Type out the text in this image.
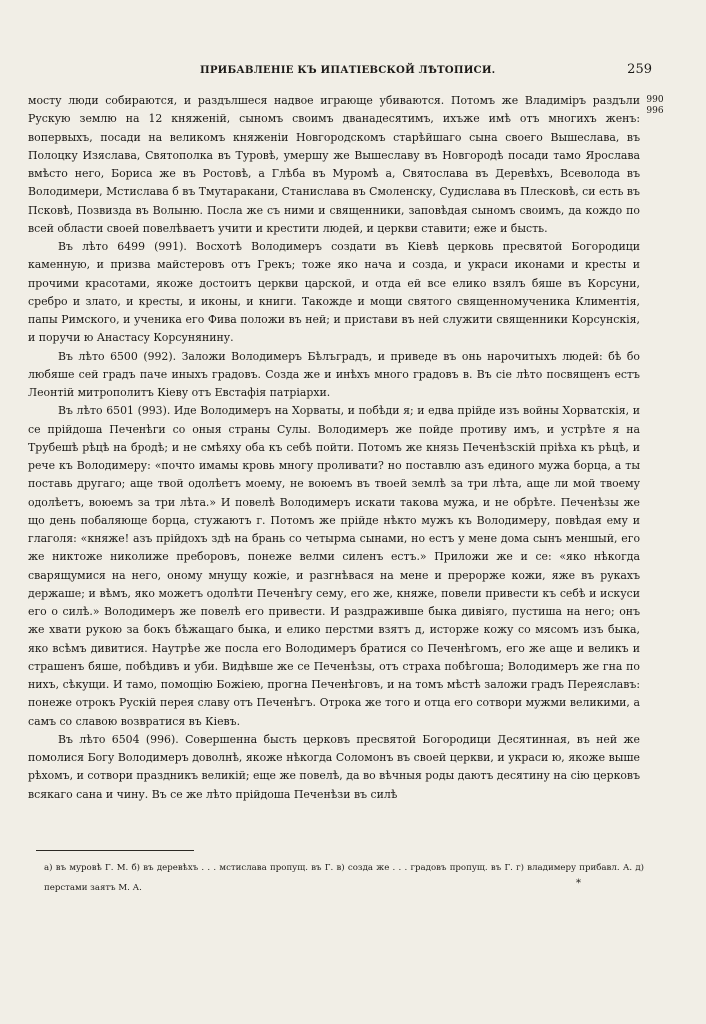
ПРИБАВЛЕНІЕ КЪ ИПАТІЕВСКОЙ ЛѢТОПИСИ.	259
990
996

мосту люди собираются, и раздълшеся надвое играюще убиваются. Потомъ же Владиміръ раздъли Рускую землю на 12 княженій, сыномъ своимъ дванадесятимъ, ихъже имѣ отъ многихъ женъ: вопервыхъ, посади на великомъ княженіи Новгородскомъ старѣйшаго сына своего Вышеслава, въ Полоцку Изяслава, Святополка въ Туровѣ, умершу же Вышеславу въ Новгородѣ посади тамо Ярослава вмѣсто него, Бориса же въ Ростовѣ, а Глѣба въ Муромѣ а, Святослава въ Деревѣхъ, Всеволода въ Володимери, Мстислава б въ Тмутаракани, Станислава въ Смоленску, Судислава въ Плесковѣ, си есть въ Псковѣ, Позвизда въ Волыню. Посла же съ ними и священники, заповѣдая сыномъ своимъ, да кождо по всей области своей повелѣваетъ учити и крестити людей, и церкви ставити; еже и бысть.

Въ лѣто 6499 (991). Восхотѣ Володимеръ создати въ Кіевѣ церковь пресвятой Богородици каменную, и призва майстеровъ отъ Грекъ; тоже яко нача и созда, и украси иконами и кресты и прочими красотами, якоже достоитъ церкви царской, и отда ей все елико взялъ бяше въ Корсуни, сребро и злато, и кресты, и иконы, и книги. Такожде и мощи святого священномученика Климентія, папы Римского, и ученика его Фива положи въ ней; и пристави въ ней служити священники Корсунскія, и поручи ю Анастасу Корсунянину.

Въ лѣто 6500 (992). Заложи Володимеръ Бѣлъградъ, и приведе въ онь нарочитыхъ людей: бѣ бо любяше сей градъ паче иныхъ градовъ. Созда же и инѣхъ много градовъ в. Въ сіе лѣто посвященъ естъ Леонтій митрополитъ Кіеву отъ Евстафія патріархи.

Въ лѣто 6501 (993). Иде Володимеръ на Хорваты, и побѣди я; и едва прійде изъ войны Хорватскія, и се прійдоша Печенѣги со оныя страны Сулы. Володимеръ же пойде противу имъ, и устрѣте я на Трубешѣ рѣцѣ на бродѣ; и не смѣяху оба къ себѣ пойти. Потомъ же князь Печенѣзскій пріѣха къ рѣцѣ, и рече къ Володимеру: «почто имамы кровь многу проливати? но поставлю азъ единого мужа борца, а ты поставь другаго; аще твой одолѣетъ моему, не воюемъ въ твоей землѣ за три лѣта, аще ли мой твоему одолѣетъ, воюемъ за три лѣта.» И повелѣ Володимеръ искати такова мужа, и не обрѣте. Печенѣзы же що день побаляюще борца, стужаютъ г. Потомъ же прійде нѣкто мужъ къ Володимеру, повѣдая ему и глаголя: «княже! азъ прійдохъ здѣ на брань со четырма сынами, но естъ у мене дома сынъ меншый, его же никтоже николиже преборовъ, понеже велми силенъ естъ.» Приложи же и се: «яко нѣкогда сварящумися на него, оному мнущу кожіе, и разгнѣвася на мене и прерорже кожи, яже въ рукахъ держаше; и вѣмъ, яко можетъ одолѣти Печенѣгу сему, его же, княже, повели привести къ себѣ и искуси его о силѣ.» Володимеръ же повелѣ его привести. И раздраживше быка дивіяго, пустиша на него; онъ же хвати рукою за бокъ бѣжащаго быка, и елико перстми взятъ д, исторже кожу со мясомъ изъ быка, яко всѣмъ дивитися. Наутрѣе же посла его Володимеръ братися со Печенѣгомъ, его же аще и великъ и страшенъ бяше, побѣдивъ и уби. Видѣвше же се Печенѣзы, отъ страха побѣгоша; Володимеръ же гна по нихъ, сѣкущи. И тамо, помощію Божіею, прогна Печенѣговъ, и на томъ мѣстѣ заложи градъ Переяславъ: понеже отрокъ Рускій перея славу отъ Печенѣгъ. Отрока же того и отца его сотвори мужми великими, а самъ со славою возвратися въ Кіевъ.

Въ лѣто 6504 (996). Совершенна бысть церковъ пресвятой Богородици Десятинная, въ ней же помолися Богу Володимеръ доволнѣ, якоже нѣкогда Соломонъ въ своей церкви, и украси ю, якоже выше рѣхомъ, и сотвори праздникъ великій; еще же повелѣ, да во вѣчныя роды даютъ десятину на сію церковъ всякаго сана и чину. Въ се же лѣто прійдоша Печенѣзи въ силѣ

а) въ муровѣ Г. М. б) въ деревѣхъ . . . мстислава пропущ. въ Г. в) созда же . . . градовъ пропущ. въ Г. г) владимеру прибавл. А. д) перстами заятъ М. А.	*
